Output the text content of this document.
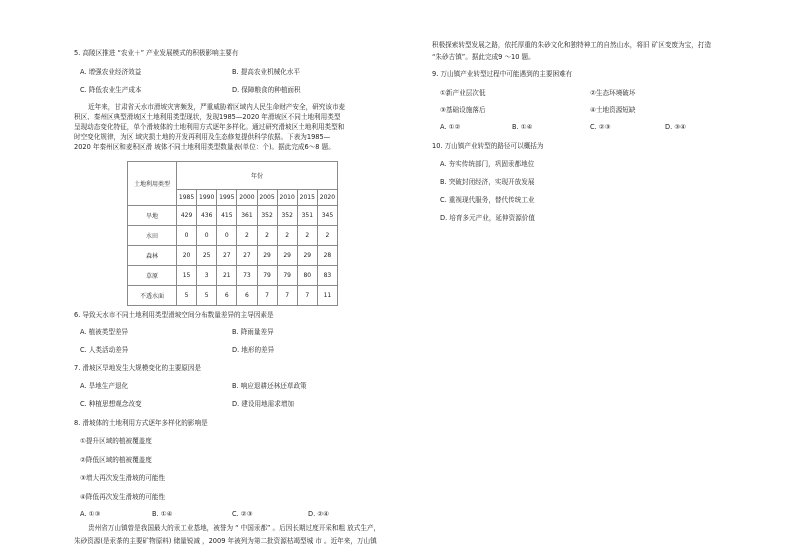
5. 高陵区推进 “农业＋” 产业发展模式的积极影响主要有
A. 增强农业经济效益	B. 提高农业机械化水平
C. 降低农业生产成本	D. 保障粮食的种植面积
近年来，甘肃省天水市滑坡灾害频发，严重威胁着区域内人民生命财产安全，研究该市麦积区、秦州区典型滑坡区土地利用类型现状，发现1985—2020 年滑坡区不同土地利用类型呈现动态变化特征，单个滑坡体的土地利用方式逐年多样化。通过研究滑坡区土地利用类型和时空变化规律，为区 域灾损土地的开发再利用及生态修复提供科学依据。下表为1985—2020 年秦州区和麦积区滑 坡体不同土地利用类型数量表(单位：个)。据此完成6～8 题。
土地利用类型	年份							
	1985	1990	1995	2000	2005	2010	2015	2020
旱地	429	436	415	361	352	352	351	345
水田	0	0	0	2	2	2	2	2
森林	20	25	27	27	29	29	29	28
草原	15	3	21	73	79	79	80	83
不透水面	5	5	6	6	7	7	7	11
6. 导致天水市不同土地利用类型滑坡空间分布数量差异的主导因素是
A. 植被类型差异	B. 降雨量差异
C. 人类活动差异	D. 地形的差异
7. 滑坡区旱地发生大规模变化的主要原因是
A. 旱地生产退化	B. 响应退耕还林还草政策
C. 种植思想观念改变	D. 建设用地需求增加
8. 滑坡体的土地利用方式逐年多样化的影响是
①提升区域的植被覆盖度
②降低区域的植被覆盖度
③增大再次发生滑坡的可能性
④降低再次发生滑坡的可能性
A. ①③	B. ①④	C. ②③	D. ②④
贵州省万山镇曾是我国最大的汞工业基地，被誉为 “ 中国汞都” 。后因长期过度开采和粗 放式生产，
朱砂资源(是汞茶的主要矿物原料) 储量锐减 ，2009 年被列为第二批资源枯竭型城 市 。近年来，万山镇
积极探索转型发展之路，依托厚重的朱砂文化和独特神工的自然山水，将旧 矿区变废为宝，打造
“朱砂古镇”。据此完成9 ～10 题。
9. 万山镇产业转型过程中可能遇到的主要困难有
①新产业层次低	②生态环境破坏
③基础设施落后	④土地资源短缺
A. ①②	B. ①④	C. ②③	D. ③④
10. 万山镇产业转型的路径可以概括为
A. 夯实传统部门，巩固汞都地位
B. 突破封闭经济，实现开放发展
C. 重视现代服务，替代传统工业
D. 培育多元产业，延伸资源价值
